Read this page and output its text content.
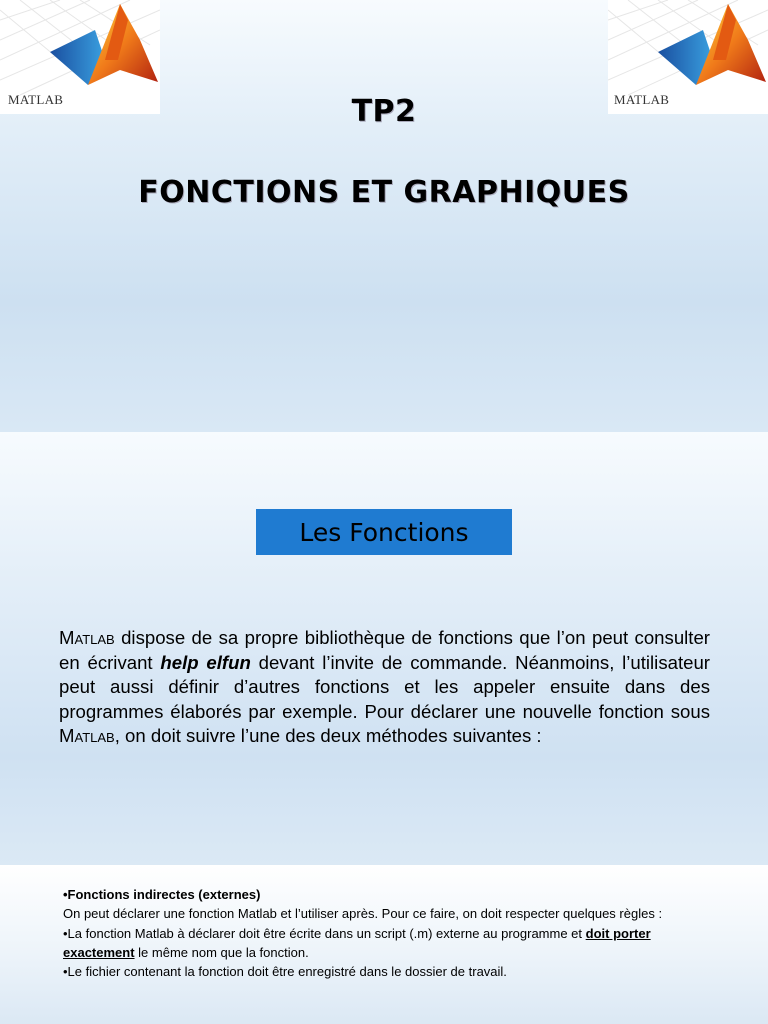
MATLAB	MATLAB
TP2
FONCTIONS ET GRAPHIQUES
Les Fonctions
Matlab dispose de sa propre bibliothèque de fonctions que l’on peut consulter en écrivant help elfun devant l’invite de commande. Néanmoins, l’utilisateur peut aussi définir d’autres fonctions et les appeler ensuite dans des programmes élaborés par exemple. Pour déclarer une nouvelle fonction sous Matlab, on doit suivre l’une des deux méthodes suivantes :
•Fonctions indirectes (externes)
On peut déclarer une fonction Matlab et l’utiliser après. Pour ce faire, on doit respecter quelques règles :
•La fonction Matlab à déclarer doit être écrite dans un script (.m) externe au programme et doit porter exactement le même nom que la fonction.
•Le fichier contenant la fonction doit être enregistré dans le dossier de travail.
